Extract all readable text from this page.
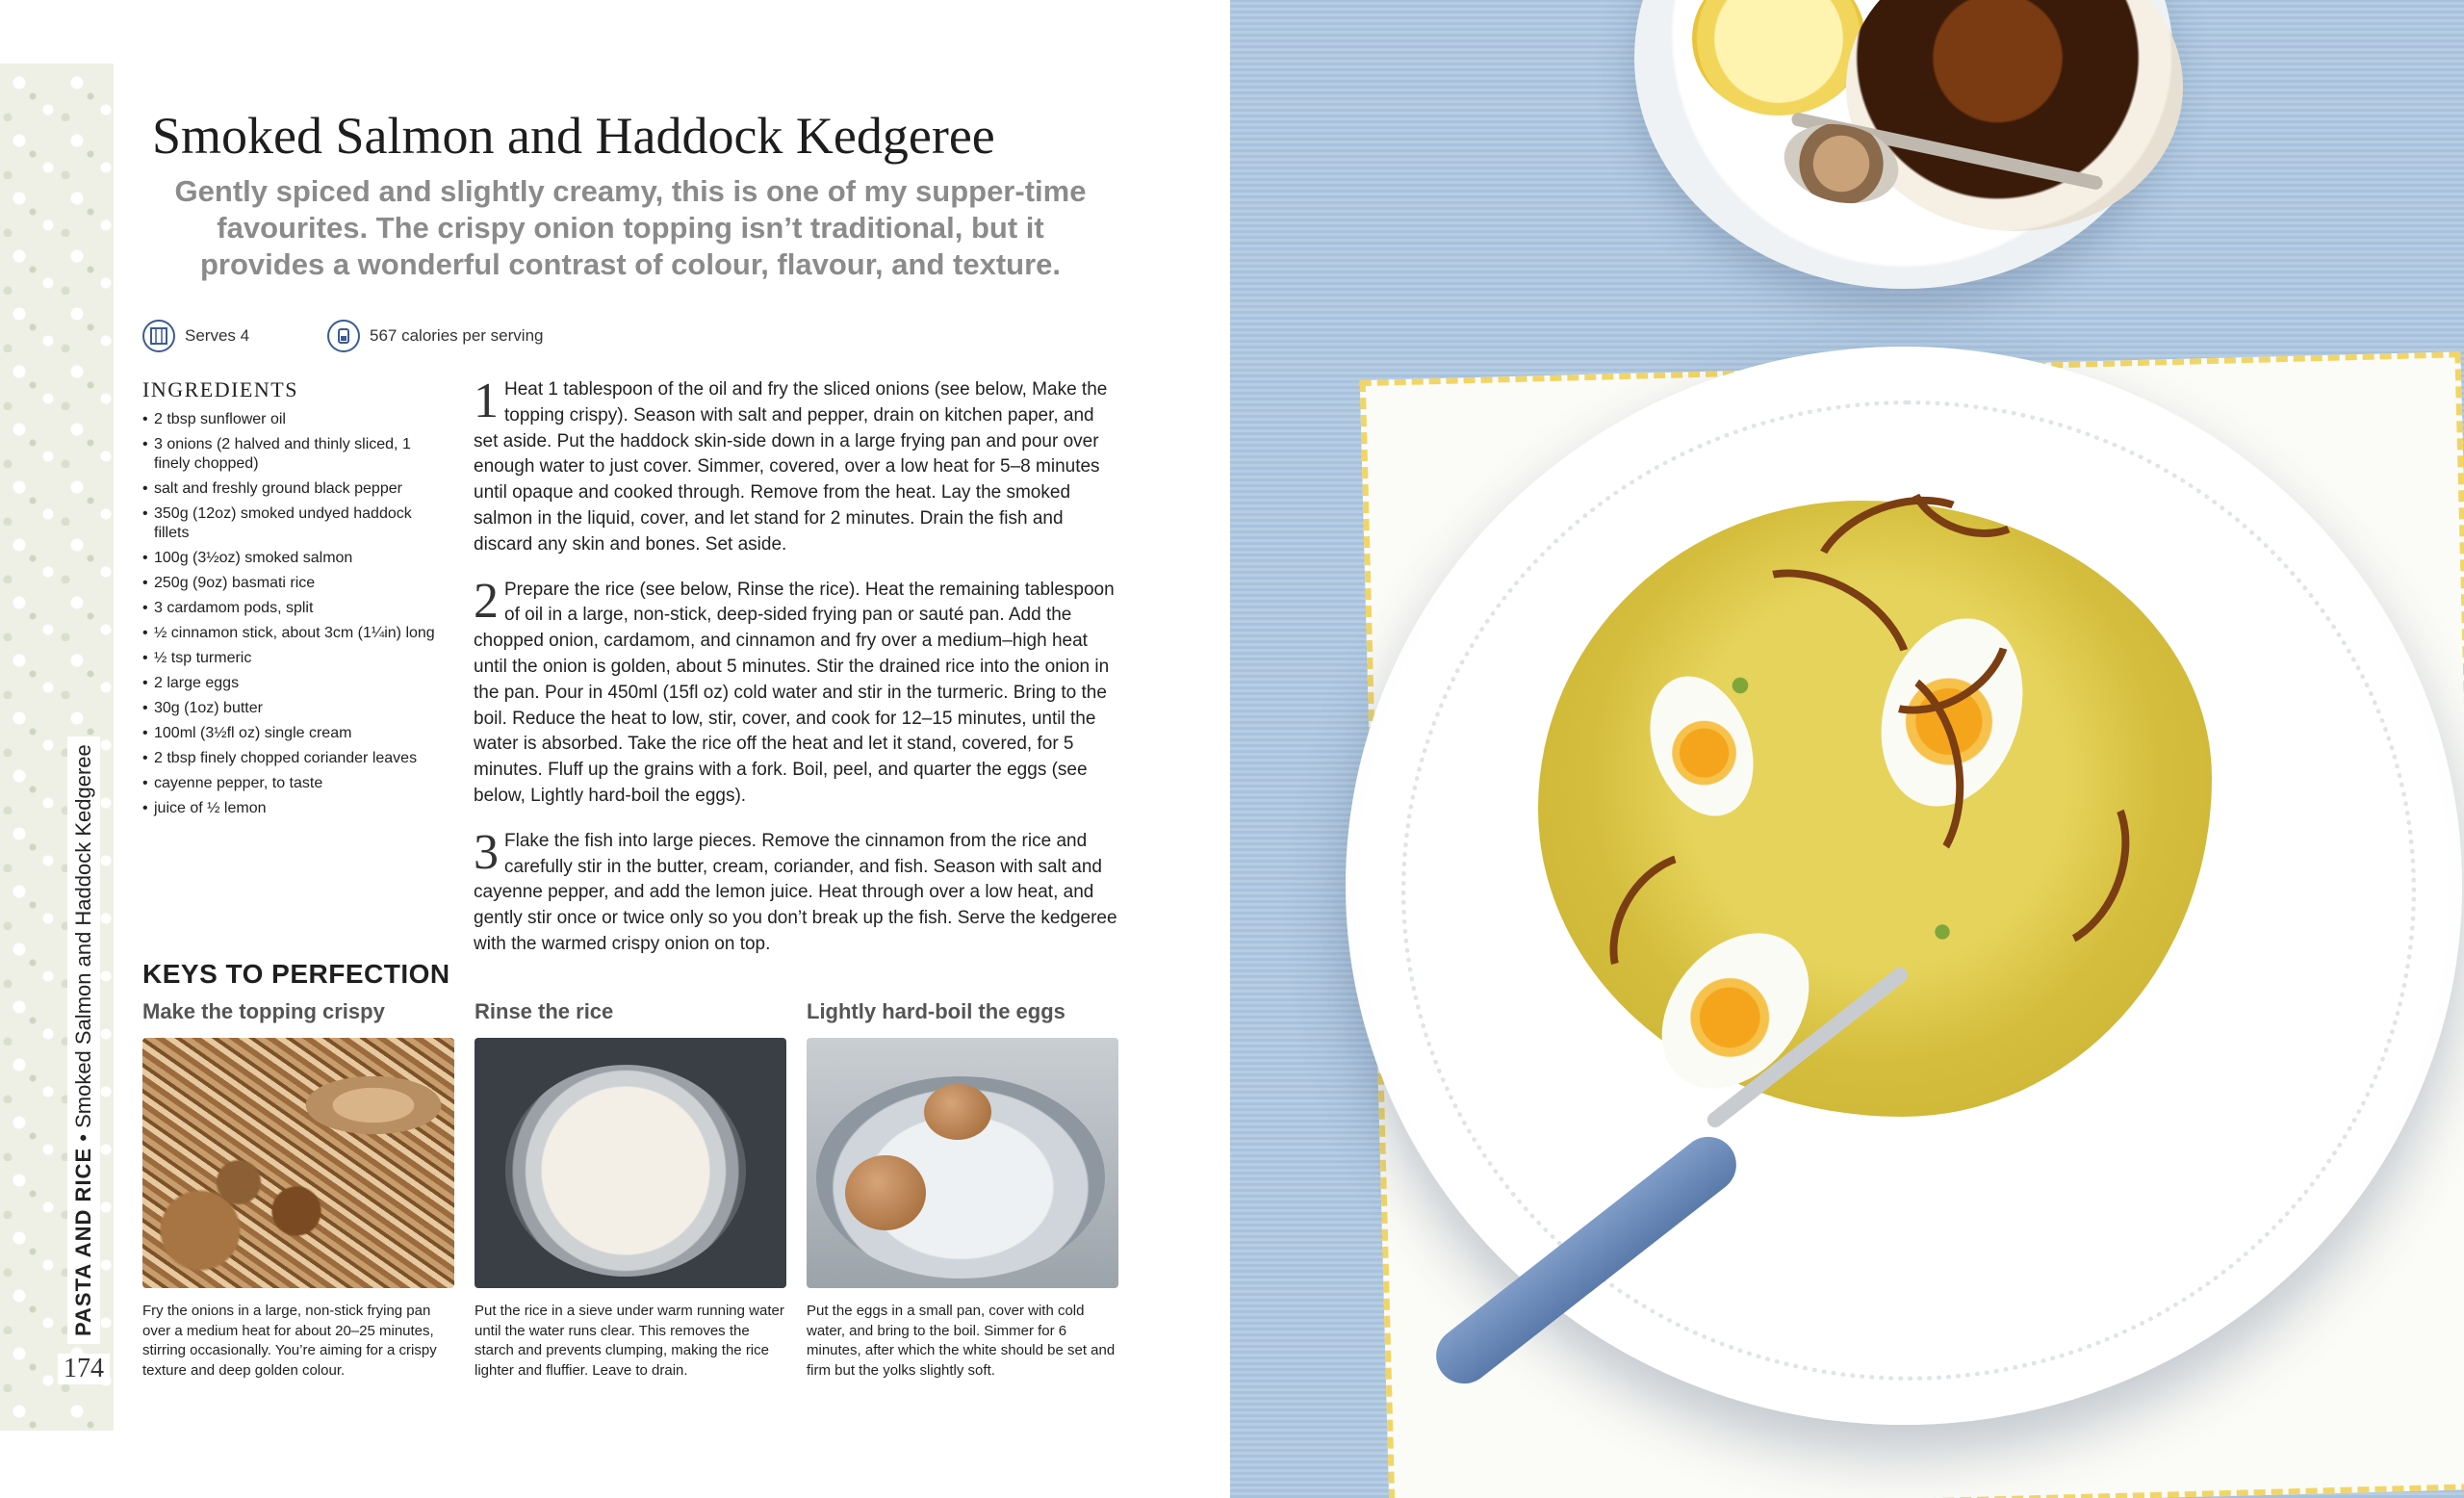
PASTA AND RICE • Smoked Salmon and Haddock Kedgeree
174
Smoked Salmon and Haddock Kedgeree

Gently spiced and slightly creamy, this is one of my supper-time favourites. The crispy onion topping isn’t traditional, but it provides a wonderful contrast of colour, flavour, and texture.

Serves 4	567 calories per serving
INGREDIENTS
• 2 tbsp sunflower oil
• 3 onions (2 halved and thinly sliced, 1 finely chopped)
• salt and freshly ground black pepper
• 350g (12oz) smoked undyed haddock fillets
• 100g (3½oz) smoked salmon
• 250g (9oz) basmati rice
• 3 cardamom pods, split
• ½ cinnamon stick, about 3cm (1¼in) long
• ½ tsp turmeric
• 2 large eggs
• 30g (1oz) butter
• 100ml (3½fl oz) single cream
• 2 tbsp finely chopped coriander leaves
• cayenne pepper, to taste
• juice of ½ lemon

1 Heat 1 tablespoon of the oil and fry the sliced onions (see below, Make the topping crispy). Season with salt and pepper, drain on kitchen paper, and set aside. Put the haddock skin-side down in a large frying pan and pour over enough water to just cover. Simmer, covered, over a low heat for 5–8 minutes until opaque and cooked through. Remove from the heat. Lay the smoked salmon in the liquid, cover, and let stand for 2 minutes. Drain the fish and discard any skin and bones. Set aside.

2 Prepare the rice (see below, Rinse the rice). Heat the remaining tablespoon of oil in a large, non-stick, deep-sided frying pan or sauté pan. Add the chopped onion, cardamom, and cinnamon and fry over a medium–high heat until the onion is golden, about 5 minutes. Stir the drained rice into the onion in the pan. Pour in 450ml (15fl oz) cold water and stir in the turmeric. Bring to the boil. Reduce the heat to low, stir, cover, and cook for 12–15 minutes, until the water is absorbed. Take the rice off the heat and let it stand, covered, for 5 minutes. Fluff up the grains with a fork. Boil, peel, and quarter the eggs (see below, Lightly hard-boil the eggs).

3 Flake the fish into large pieces. Remove the cinnamon from the rice and carefully stir in the butter, cream, coriander, and fish. Season with salt and cayenne pepper, and add the lemon juice. Heat through over a low heat, and gently stir once or twice only so you don’t break up the fish. Serve the kedgeree with the warmed crispy onion on top.

KEYS TO PERFECTION

Make the topping crispy

Fry the onions in a large, non-stick frying pan over a medium heat for about 20–25 minutes, stirring occasionally. You’re aiming for a crispy texture and deep golden colour.

Rinse the rice

Put the rice in a sieve under warm running water until the water runs clear. This removes the starch and prevents clumping, making the rice lighter and fluffier. Leave to drain.

Lightly hard-boil the eggs

Put the eggs in a small pan, cover with cold water, and bring to the boil. Simmer for 6 minutes, after which the white should be set and firm but the yolks slightly soft.
